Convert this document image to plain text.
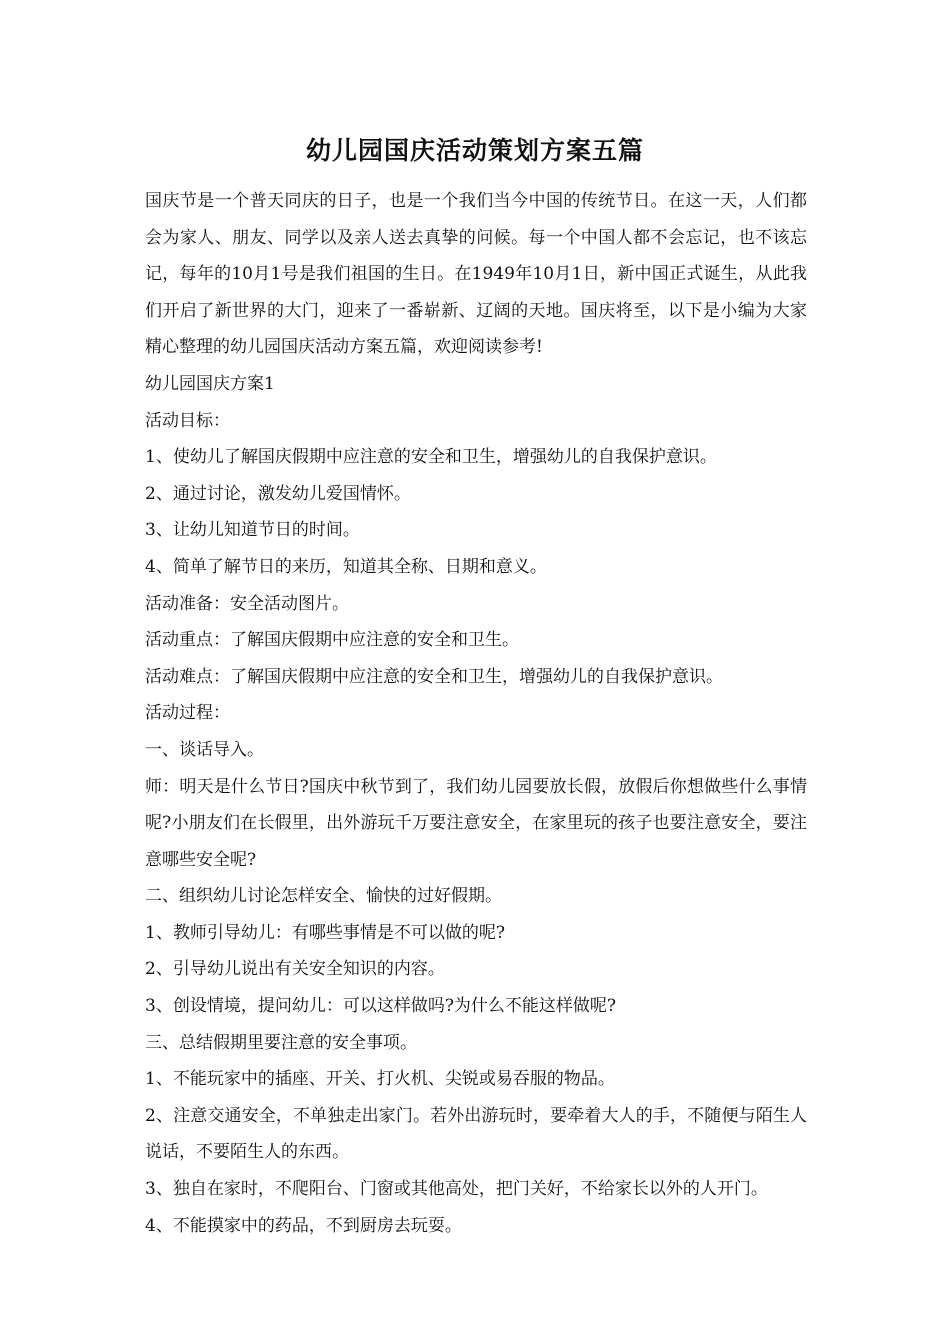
幼儿园国庆活动策划方案五篇

国庆节是一个普天同庆的日子，也是一个我们当今中国的传统节日。在这一天，人们都会为家人、朋友、同学以及亲人送去真挚的问候。每一个中国人都不会忘记，也不该忘记，每年的10月1号是我们祖国的生日。在1949年10月1日，新中国正式诞生，从此我们开启了新世界的大门，迎来了一番崭新、辽阔的天地。国庆将至，以下是小编为大家精心整理的幼儿园国庆活动方案五篇，欢迎阅读参考!

幼儿园国庆方案1

活动目标：

1、使幼儿了解国庆假期中应注意的安全和卫生，增强幼儿的自我保护意识。

2、通过讨论，激发幼儿爱国情怀。

3、让幼儿知道节日的时间。

4、简单了解节日的来历，知道其全称、日期和意义。

活动准备：安全活动图片。

活动重点：了解国庆假期中应注意的安全和卫生。

活动难点：了解国庆假期中应注意的安全和卫生，增强幼儿的自我保护意识。

活动过程：

一、谈话导入。

师：明天是什么节日?国庆中秋节到了，我们幼儿园要放长假，放假后你想做些什么事情呢?小朋友们在长假里，出外游玩千万要注意安全，在家里玩的孩子也要注意安全，要注意哪些安全呢?

二、组织幼儿讨论怎样安全、愉快的过好假期。

1、教师引导幼儿：有哪些事情是不可以做的呢?

2、引导幼儿说出有关安全知识的内容。

3、创设情境，提问幼儿：可以这样做吗?为什么不能这样做呢?

三、总结假期里要注意的安全事项。

1、不能玩家中的插座、开关、打火机、尖锐或易吞服的物品。

2、注意交通安全，不单独走出家门。若外出游玩时，要牵着大人的手，不随便与陌生人说话，不要陌生人的东西。

3、独自在家时，不爬阳台、门窗或其他高处，把门关好，不给家长以外的人开门。

4、不能摸家中的药品，不到厨房去玩耍。
